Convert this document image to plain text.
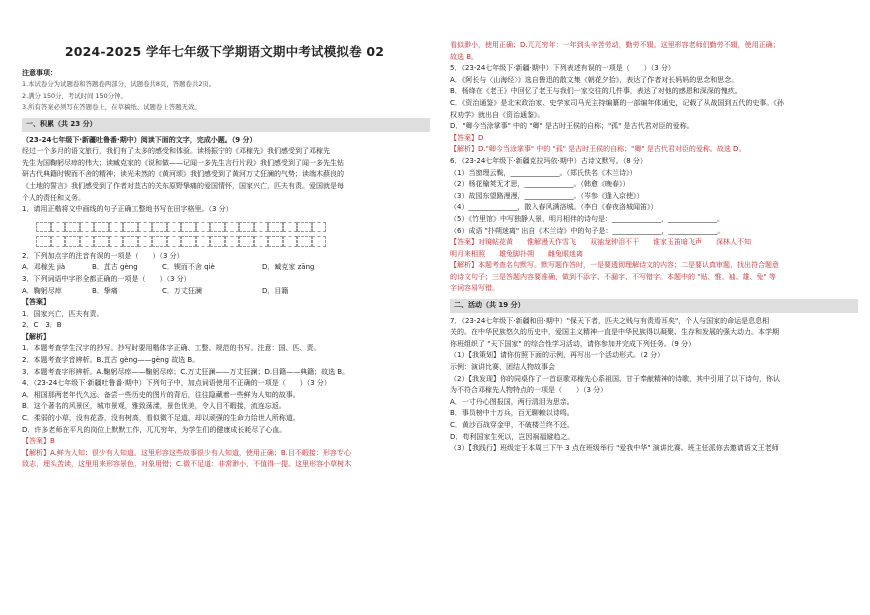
2024-2025 学年七年级下学期语文期中考试模拟卷 02
注意事项：
1.本试卷分为试题卷和答题卷两部分，试题卷共8页，答题卷共2页。
2.满分 150分，考试时间 150分钟。
3.所有答案必须写在答题卷上，在草稿纸、试题卷上答题无效。
一、积累（共 23 分）
（23-24七年级下·新疆吐鲁番·期中）阅读下面的文字，完成小题。（9 分）
经过一个多月的语文旅行，我们有了太多的感受和体验。读杨振宁的《邓稼先》我们感受到了邓稼先
先生为国鞠躬尽瘁的伟大；读臧克家的《说和做——记闻一多先生言行片段》我们感受到了闻一多先生钻
研古代典籍时锲而不舍的精神；读光未然的《黄河颂》我们感受到了黄河万丈狂澜的气势；读端木蕻良的
《土地的誓言》我们感受到了作者对苴古的关东原野挚痛的爱国情怀，国家兴亡，匹夫有责。爱国就是每
个人的责任和义务。
1．请用正楷将文中画线的句子正确工整地书写在田字格里。（3 分）
2．下列加点字的注音有误的一项是（　　）（3 分）
A．邓稼先 jià	B．苴古 gèng	C．锲而不舍 qiè	D．臧克家 zāng
3．下列词语中字形全都正确的一项是（　　）（3 分）
A．鞠躬尽瘁	B．挚痛	C．万丈狂澜	D．目籍
【答案】
1．国家兴亡，匹夫有责。
2．C　3．B
【解析】
1．本题考查学生汉字的抄写。抄写时要用楷体字正确、工整、规范的书写。注意：国、匹、责。
2．本题考查字音辨析。B.苴古 gèng——gèng 故选 B。
3．本题考查字形辨析。A.鞠躬尽瘁——鞠躬尽瘁；C.万丈狂澜——万丈狂澜；D.目籍——典籍；故选 B。
4．（23-24七年级下·新疆吐鲁番·期中）下列句子中，加点词语使用不正确的一项是（　　）（3 分）
A．相国那两老年代久远、备尝一些历史的图片的背后，往往隐藏着一些鲜为人知的故事。
B．这个著名的风景区，城市景观，雅致荡漾，景色优美，令人目不暇接，流连忘返。
C．柔弱的小草，没有花香，没有树高，看似微不足道，却以顽强的生命力给世人所称道。
D．许多老师在平凡的岗位上默默工作，兀兀穷年，为学生们的健康成长耗尽了心血。
【答案】B
【解析】A.鲜为人知：很少有人知道。这里形容这些故事很少有人知道，使用正确；B.目不暇接：形容专心
致志，埋头苦读，这里用来形容景色，对象用错；C.微不足道：非常渺小，不值得一提。这里形容小草树木
看似渺小，使用正确；D.兀兀穷年：一年到头辛苦劳动，勤劳不辍。这里形容老师们勤劳不辍，使用正确；
故选 B。
5．（23-24七年级下·新疆·期中）下列表述有误的一项是（　　）（3 分）
A．《阿长与〈山海经〉》选自鲁迅的散文集《朝花夕拾》，表达了作者对长妈妈的思念和思念。
B．杨绛在《老王》中回忆了老王与我们一家交往的几件事，表达了对他的感恩和深深的愧疚。
C．《资治通鉴》是北宋政治家、史学家司马光主持编纂的一部编年体通史，记载了从战国到五代的史事。《孙
权劝学》就出自《资治通鉴》。
D．"卿今当涂掌事" 中的 "卿" 是古时王侯的自称；"孤" 是古代君对臣的爱称。
【答案】D
【解析】D."卿今当涂掌事" 中的 "孤" 是古时王侯的自称；"卿" 是古代君对臣的爱称。故选 D。
6．（23-24七年级下·新疆克拉玛依·期中）古诗文默写。（8 分）
（1）当窗理云鬓，______________。（郑氏佚名《木兰诗》）
（2）杨花榆荚无才思，______________。（韩愈《晚春》）
（3）故园东望路漫漫，______________。（岑参《逢入京使》）
（4）______________，散入春风满洛城。（李白《春夜洛城闻笛》）
（5）《竹里馆》中写独静人景，明月相伴的诗句是：______________，______________。
（6）成语 "扑朔迷离" 出自《木兰诗》中的句子是：______________，______________。
【答案】对镜帖花黄　　惟解漫天作雪飞　　双袖龙钟泪不干　　谁家玉笛暗飞声　　深林人不知
明月来相照　　雄兔脚扑朔　　雌兔眼迷离
【解析】本题考查名句默写。默写题作答时，一是要透彻理解诗文的内容；二是要认真审题，找出符合题意
的诗文句子；三是答题内容要准确，做到不添字、不漏字、不写错字。本题中的 "贴、惟、袖、雄、兔" 等
字词容易写错。
二、活动（共 19 分）
7．（23-24七年级下·新疆和田·期中）"保天下者，匹夫之贱与有责焉耳矣"，个人与国家的命运是息息相
关的。在中华民族悠久的历史中，爱国主义精神一直是中华民族得以凝聚、生存和发展的强大动力。本学期
你班组织了 "天下国家" 的综合性学习活动，请你参加并完成下列任务。（9 分）
（1）【我策划】请你仿照下面的示例，再写出一个活动形式。（2 分）
示例：演讲比赛，团结人物故事会
（2）【我发现】你的同桌作了一首讴歌邓稼先心系祖国、甘于奉献精神的诗歌，其中引用了以下诗句，你认
为不符合邓稼先人物特点的一项是（　　）（3 分）
A．一寸丹心图报国，两行清泪为思亲。
B．事员榜中十万兵，百无聊赖以诗鸣。
C．黄沙百战穿金甲，不破楼兰终不还。
D．苟利国家生死以，岂因祸福避趋之。
（3）【我践行】班级定于本周三下午 3 点在班级举行 "爱我中华" 演讲比赛。班主任派你去邀请语文王老师
